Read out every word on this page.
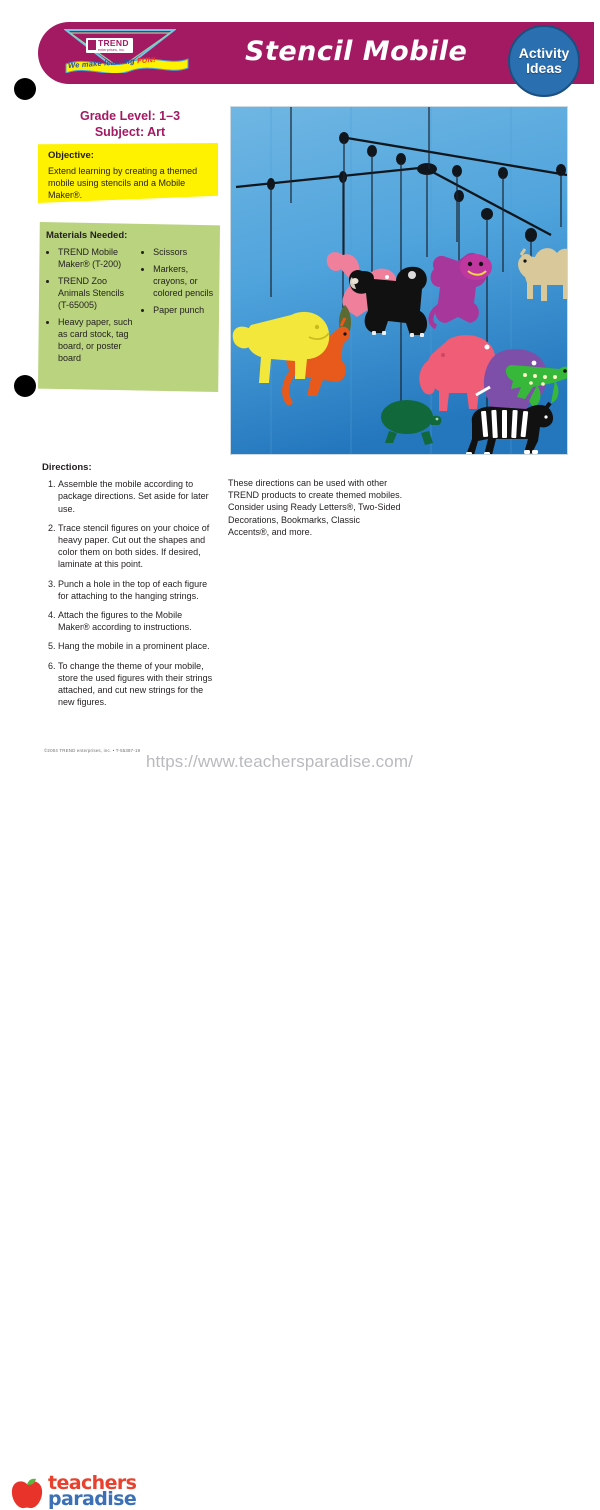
TREND
enterprises, inc.
We make learning FUN!	Stencil Mobile	Activity
Ideas
Grade Level: 1–3
Subject: Art
Objective:
Extend learning by creating a themed mobile using stencils and a Mobile Maker®.
Materials Needed:
• TREND Mobile Maker® (T-200)
• TREND Zoo Animals Stencils (T-65005)
• Heavy paper, such as card stock, tag board, or poster board
• Scissors
• Markers, crayons, or colored pencils
• Paper punch
Directions:
1. Assemble the mobile according to package directions. Set aside for later use.
2. Trace stencil figures on your choice of heavy paper. Cut out the shapes and color them on both sides. If desired, laminate at this point.
3. Punch a hole in the top of each figure for attaching to the hanging strings.
4. Attach the figures to the Mobile Maker® according to instructions.
5. Hang the mobile in a prominent place.
6. To change the theme of your mobile, store the used figures with their strings attached, and cut new strings for the new figures.
These directions can be used with other TREND products to create themed mobiles. Consider using Ready Letters®, Two-Sided Decorations, Bookmarks, Classic Accents®, and more.
©2004 TREND enterprises, inc. • T-55387-19
teachers
paradise
https://www.teachersparadise.com/
